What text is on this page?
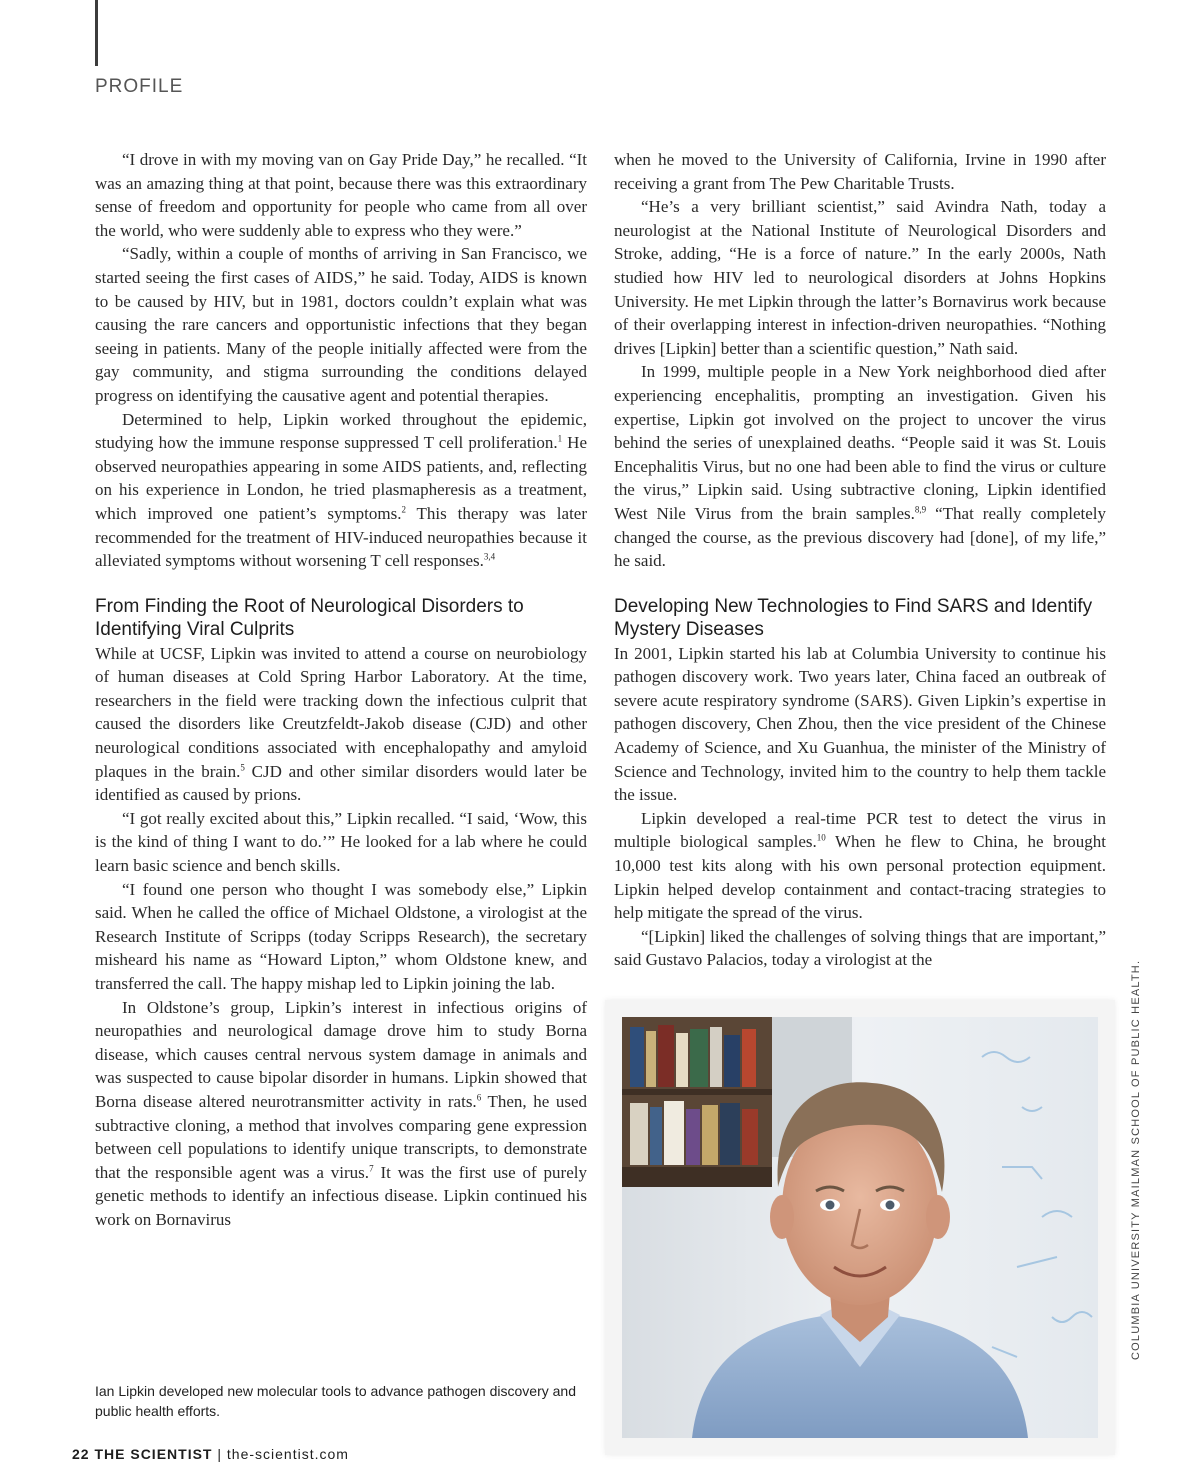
PROFILE

“I drove in with my moving van on Gay Pride Day,” he recalled. “It was an amazing thing at that point, because there was this extraordinary sense of freedom and opportunity for people who came from all over the world, who were suddenly able to express who they were.”

“Sadly, within a couple of months of arriving in San Francisco, we started seeing the first cases of AIDS,” he said. Today, AIDS is known to be caused by HIV, but in 1981, doctors couldn’t explain what was causing the rare cancers and opportunistic infections that they began seeing in patients. Many of the people initially affected were from the gay community, and stigma surrounding the conditions delayed progress on identifying the causative agent and potential therapies.

Determined to help, Lipkin worked throughout the epidemic, studying how the immune response suppressed T cell proliferation.$^1$ He observed neuropathies appearing in some AIDS patients, and, reflecting on his experience in London, he tried plasmapheresis as a treatment, which improved one patient’s symptoms.$^2$ This therapy was later recommended for the treatment of HIV-induced neuropathies because it alleviated symptoms without worsening T cell responses.$^{3,4}$

From Finding the Root of Neurological Disorders to Identifying Viral Culprits

While at UCSF, Lipkin was invited to attend a course on neurobiology of human diseases at Cold Spring Harbor Laboratory. At the time, researchers in the field were tracking down the infectious culprit that caused the disorders like Creutzfeldt-Jakob disease (CJD) and other neurological conditions associated with encephalopathy and amyloid plaques in the brain.$^5$ CJD and other similar disorders would later be identified as caused by prions.

“I got really excited about this,” Lipkin recalled. “I said, ‘Wow, this is the kind of thing I want to do.’” He looked for a lab where he could learn basic science and bench skills.

“I found one person who thought I was somebody else,” Lipkin said. When he called the office of Michael Oldstone, a virologist at the Research Institute of Scripps (today Scripps Research), the secretary misheard his name as “Howard Lipton,” whom Oldstone knew, and transferred the call. The happy mishap led to Lipkin joining the lab.

In Oldstone’s group, Lipkin’s interest in infectious origins of neuropathies and neurological damage drove him to study Borna disease, which causes central nervous system damage in animals and was suspected to cause bipolar disorder in humans. Lipkin showed that Borna disease altered neurotransmitter activity in rats.$^6$ Then, he used subtractive cloning, a method that involves comparing gene expression between cell populations to identify unique transcripts, to demonstrate that the responsible agent was a virus.$^7$ It was the first use of purely genetic methods to identify an infectious disease. Lipkin continued his work on Bornavirus

when he moved to the University of California, Irvine in 1990 after receiving a grant from The Pew Charitable Trusts.

“He’s a very brilliant scientist,” said Avindra Nath, today a neurologist at the National Institute of Neurological Disorders and Stroke, adding, “He is a force of nature.” In the early 2000s, Nath studied how HIV led to neurological disorders at Johns Hopkins University. He met Lipkin through the latter’s Bornavirus work because of their overlapping interest in infection-driven neuropathies. “Nothing drives [Lipkin] better than a scientific question,” Nath said.

In 1999, multiple people in a New York neighborhood died after experiencing encephalitis, prompting an investigation. Given his expertise, Lipkin got involved on the project to uncover the virus behind the series of unexplained deaths. “People said it was St. Louis Encephalitis Virus, but no one had been able to find the virus or culture the virus,” Lipkin said. Using subtractive cloning, Lipkin identified West Nile Virus from the brain samples.$^{8,9}$ “That really completely changed the course, as the previous discovery had [done], of my life,” he said.

Developing New Technologies to Find SARS and Identify Mystery Diseases

In 2001, Lipkin started his lab at Columbia University to continue his pathogen discovery work. Two years later, China faced an outbreak of severe acute respiratory syndrome (SARS). Given Lipkin’s expertise in pathogen discovery, Chen Zhou, then the vice president of the Chinese Academy of Science, and Xu Guanhua, the minister of the Ministry of Science and Technology, invited him to the country to help them tackle the issue.

Lipkin developed a real-time PCR test to detect the virus in multiple biological samples.$^{10}$ When he flew to China, he brought 10,000 test kits along with his own personal protection equipment. Lipkin helped develop containment and contact-tracing strategies to help mitigate the spread of the virus.

“[Lipkin] liked the challenges of solving things that are important,” said Gustavo Palacios, today a virologist at the	COLUMBIA UNIVERSITY MAILMAN SCHOOL OF PUBLIC HEALTH.
Ian Lipkin developed new molecular tools to advance pathogen discovery and public health efforts.
22 THE SCIENTIST | the-scientist.com
